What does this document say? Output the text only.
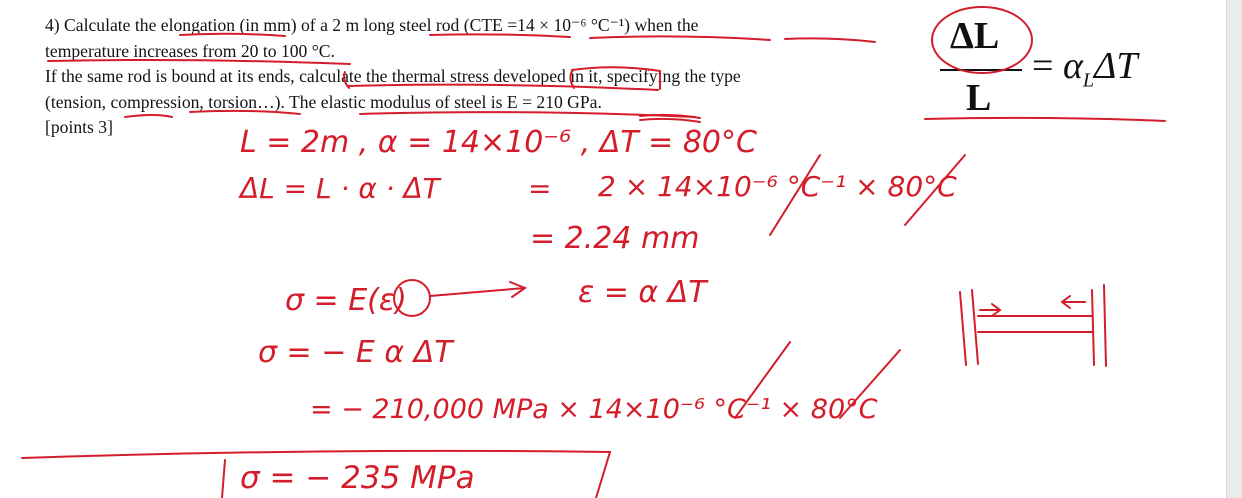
4) Calculate the elongation (in mm) of a 2 m long steel rod (CTE =14 × 10⁻⁶ °C⁻¹) when the

temperature increases from 20 to 100 °C.

If the same rod is bound at its ends, calculate the thermal stress developed in it, specifying the type

(tension, compression, torsion…). The elastic modulus of steel is E = 210 GPa.

[points 3]

ΔL
L
= $\alpha_L\Delta T$
L = 2m , α = 14×10⁻⁶ , ΔT = 80°C
ΔL = L · α · ΔT	= 2 × 14×10⁻⁶ °C⁻¹ × 80°C
= 2.24 mm
σ = E(ε)	ε = α ΔT
σ = − E α ΔT
= − 210,000 MPa × 14×10⁻⁶ °C⁻¹ × 80°C
σ = − 235 MPa
